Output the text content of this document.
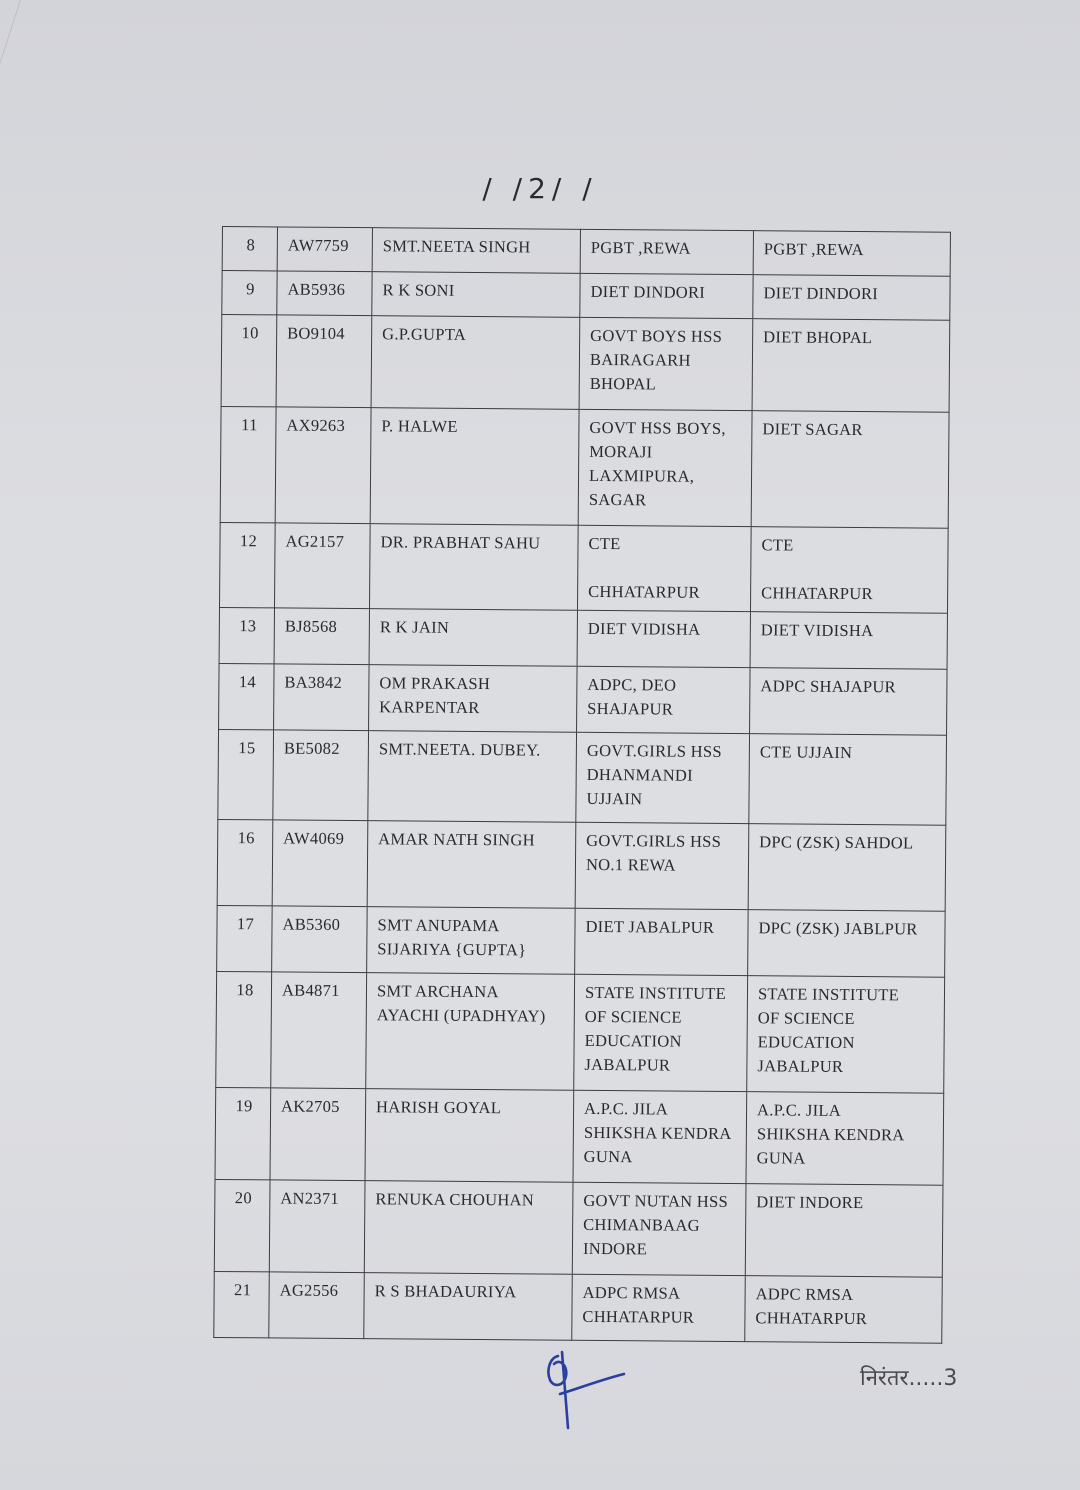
/ /2/ /
8	AW7759	SMT.NEETA SINGH	PGBT ,REWA	PGBT ,REWA
9	AB5936	R K SONI	DIET DINDORI	DIET DINDORI
10	BO9104	G.P.GUPTA	GOVT BOYS HSS
BAIRAGARH
BHOPAL	DIET BHOPAL
11	AX9263	P. HALWE	GOVT HSS BOYS,
MORAJI
LAXMIPURA,
SAGAR	DIET SAGAR
12	AG2157	DR. PRABHAT SAHU	CTE

CHHATARPUR	CTE

CHHATARPUR
13	BJ8568	R K JAIN	DIET VIDISHA	DIET VIDISHA
14	BA3842	OM PRAKASH
KARPENTAR	ADPC, DEO
SHAJAPUR	ADPC SHAJAPUR
15	BE5082	SMT.NEETA. DUBEY.	GOVT.GIRLS HSS
DHANMANDI
UJJAIN	CTE UJJAIN
16	AW4069	AMAR NATH SINGH	GOVT.GIRLS HSS
NO.1 REWA	DPC (ZSK) SAHDOL
17	AB5360	SMT ANUPAMA
SIJARIYA {GUPTA}	DIET JABALPUR	DPC (ZSK) JABLPUR
18	AB4871	SMT ARCHANA
AYACHI (UPADHYAY)	STATE INSTITUTE
OF SCIENCE
EDUCATION
JABALPUR	STATE INSTITUTE
OF SCIENCE
EDUCATION
JABALPUR
19	AK2705	HARISH GOYAL	A.P.C. JILA
SHIKSHA KENDRA
GUNA	A.P.C. JILA
SHIKSHA KENDRA
GUNA
20	AN2371	RENUKA CHOUHAN	GOVT NUTAN HSS
CHIMANBAAG
INDORE	DIET INDORE
21	AG2556	R S BHADAURIYA	ADPC RMSA
CHHATARPUR	ADPC RMSA
CHHATARPUR
निरंतर.....3
